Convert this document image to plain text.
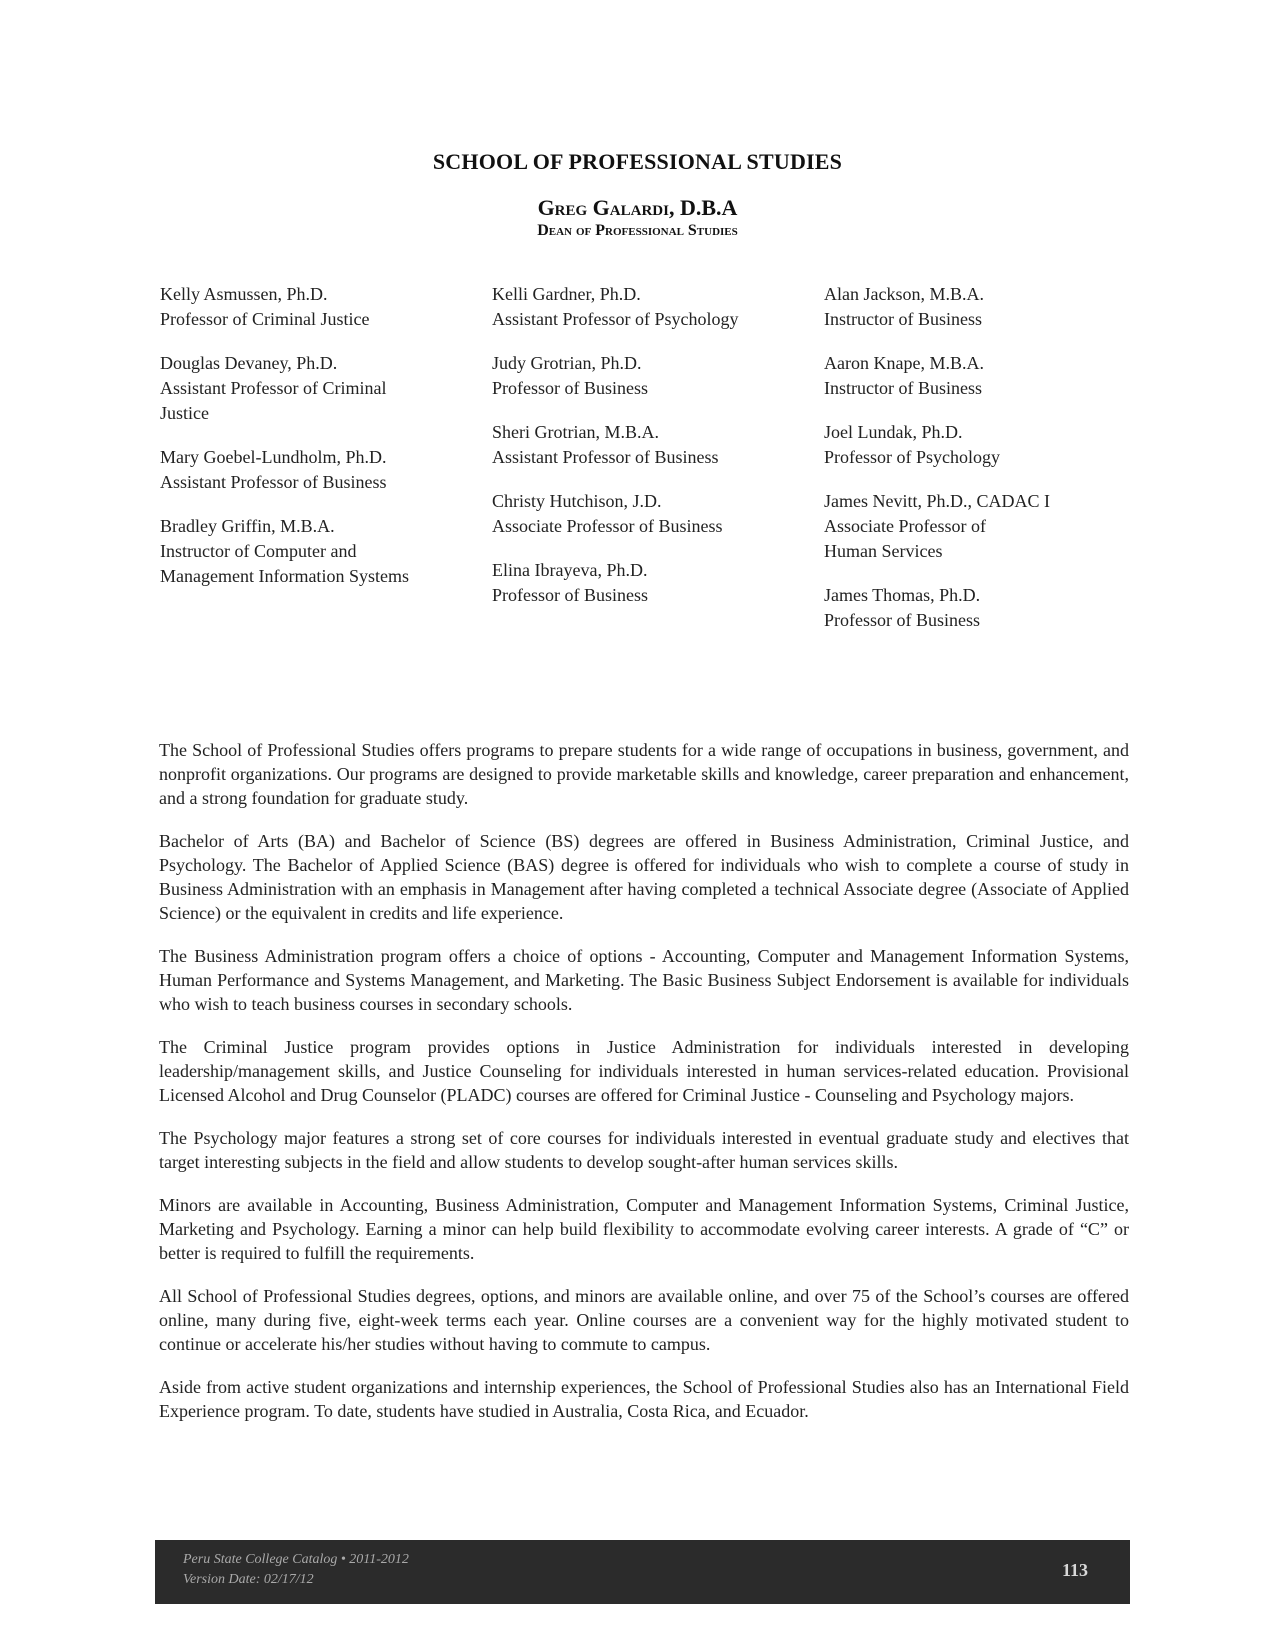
SCHOOL OF PROFESSIONAL STUDIES
Greg Galardi, D.B.A
Dean of Professional Studies
Kelly Asmussen, Ph.D.
Professor of Criminal Justice
Douglas Devaney, Ph.D.
Assistant Professor of Criminal Justice
Mary Goebel-Lundholm, Ph.D.
Assistant Professor of Business
Bradley Griffin, M.B.A.
Instructor of Computer and Management Information Systems
Kelli Gardner, Ph.D.
Assistant Professor of Psychology
Judy Grotrian, Ph.D.
Professor of Business
Sheri Grotrian, M.B.A.
Assistant Professor of Business
Christy Hutchison, J.D.
Associate Professor of Business
Elina Ibrayeva, Ph.D.
Professor of Business
Alan Jackson, M.B.A.
Instructor of Business
Aaron Knape, M.B.A.
Instructor of Business
Joel Lundak, Ph.D.
Professor of Psychology
James Nevitt, Ph.D., CADAC I
Associate Professor of Human Services
James Thomas, Ph.D.
Professor of Business

The School of Professional Studies offers programs to prepare students for a wide range of occupations in business, government, and nonprofit organizations. Our programs are designed to provide marketable skills and knowledge, career preparation and enhancement, and a strong foundation for graduate study.

Bachelor of Arts (BA) and Bachelor of Science (BS) degrees are offered in Business Administration, Criminal Justice, and Psychology. The Bachelor of Applied Science (BAS) degree is offered for individuals who wish to complete a course of study in Business Administration with an emphasis in Management after having completed a technical Associate degree (Associate of Applied Science) or the equivalent in credits and life experience.

The Business Administration program offers a choice of options - Accounting, Computer and Management Information Systems, Human Performance and Systems Management, and Marketing. The Basic Business Subject Endorsement is available for individuals who wish to teach business courses in secondary schools.

The Criminal Justice program provides options in Justice Administration for individuals interested in developing leadership/management skills, and Justice Counseling for individuals interested in human services-related education. Provisional Licensed Alcohol and Drug Counselor (PLADC) courses are offered for Criminal Justice - Counseling and Psychology majors.

The Psychology major features a strong set of core courses for individuals interested in eventual graduate study and electives that target interesting subjects in the field and allow students to develop sought-after human services skills.

Minors are available in Accounting, Business Administration, Computer and Management Information Systems, Criminal Justice, Marketing and Psychology. Earning a minor can help build flexibility to accommodate evolving career interests. A grade of “C” or better is required to fulfill the requirements.

All School of Professional Studies degrees, options, and minors are available online, and over 75 of the School’s courses are offered online, many during five, eight-week terms each year. Online courses are a convenient way for the highly motivated student to continue or accelerate his/her studies without having to commute to campus.

Aside from active student organizations and internship experiences, the School of Professional Studies also has an International Field Experience program. To date, students have studied in Australia, Costa Rica, and Ecuador.

Peru State College Catalog • 2011-2012
Version Date: 02/17/12	113
